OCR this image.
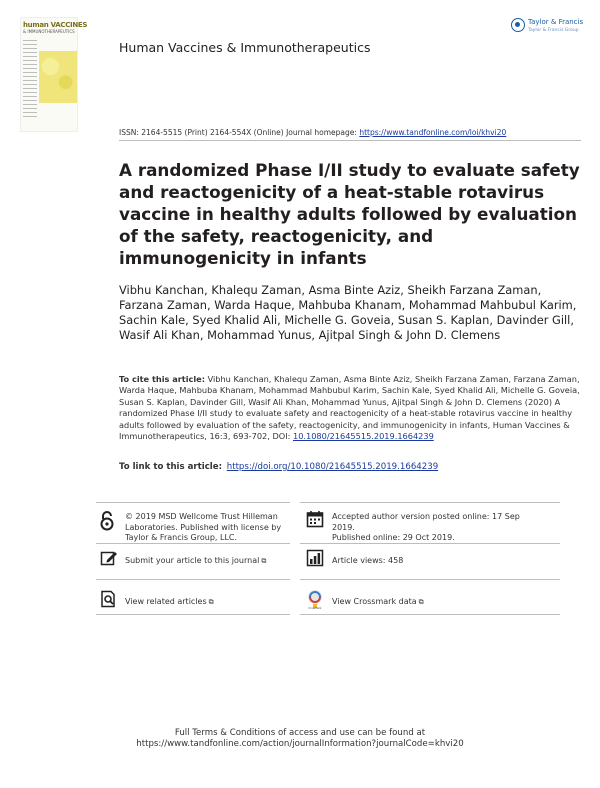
human VACCINES
& IMMUNOTHERAPEUTICS
Human Vaccines & Immunotherapeutics
Taylor & Francis
Taylor & Francis Group
ISSN: 2164-5515 (Print) 2164-554X (Online) Journal homepage: https://www.tandfonline.com/loi/khvi20
A randomized Phase I/II study to evaluate safety and reactogenicity of a heat-stable rotavirus vaccine in healthy adults followed by evaluation of the safety, reactogenicity, and immunogenicity in infants
Vibhu Kanchan, Khalequ Zaman, Asma Binte Aziz, Sheikh Farzana Zaman, Farzana Zaman, Warda Haque, Mahbuba Khanam, Mohammad Mahbubul Karim, Sachin Kale, Syed Khalid Ali, Michelle G. Goveia, Susan S. Kaplan, Davinder Gill, Wasif Ali Khan, Mohammad Yunus, Ajitpal Singh & John D. Clemens
To cite this article: Vibhu Kanchan, Khalequ Zaman, Asma Binte Aziz, Sheikh Farzana Zaman, Farzana Zaman, Warda Haque, Mahbuba Khanam, Mohammad Mahbubul Karim, Sachin Kale, Syed Khalid Ali, Michelle G. Goveia, Susan S. Kaplan, Davinder Gill, Wasif Ali Khan, Mohammad Yunus, Ajitpal Singh & John D. Clemens (2020) A randomized Phase I/II study to evaluate safety and reactogenicity of a heat-stable rotavirus vaccine in healthy adults followed by evaluation of the safety, reactogenicity, and immunogenicity in infants, Human Vaccines & Immunotherapeutics, 16:3, 693-702, DOI: 10.1080/21645515.2019.1664239
To link to this article: https://doi.org/10.1080/21645515.2019.1664239
© 2019 MSD Wellcome Trust Hilleman Laboratories. Published with license by Taylor & Francis Group, LLC.
Accepted author version posted online: 17 Sep 2019.
Published online: 29 Oct 2019.
Submit your article to this journal ⧉	Article views: 458
View related articles ⧉
CrossMark
View Crossmark data ⧉
Full Terms & Conditions of access and use can be found at
https://www.tandfonline.com/action/journalInformation?journalCode=khvi20
